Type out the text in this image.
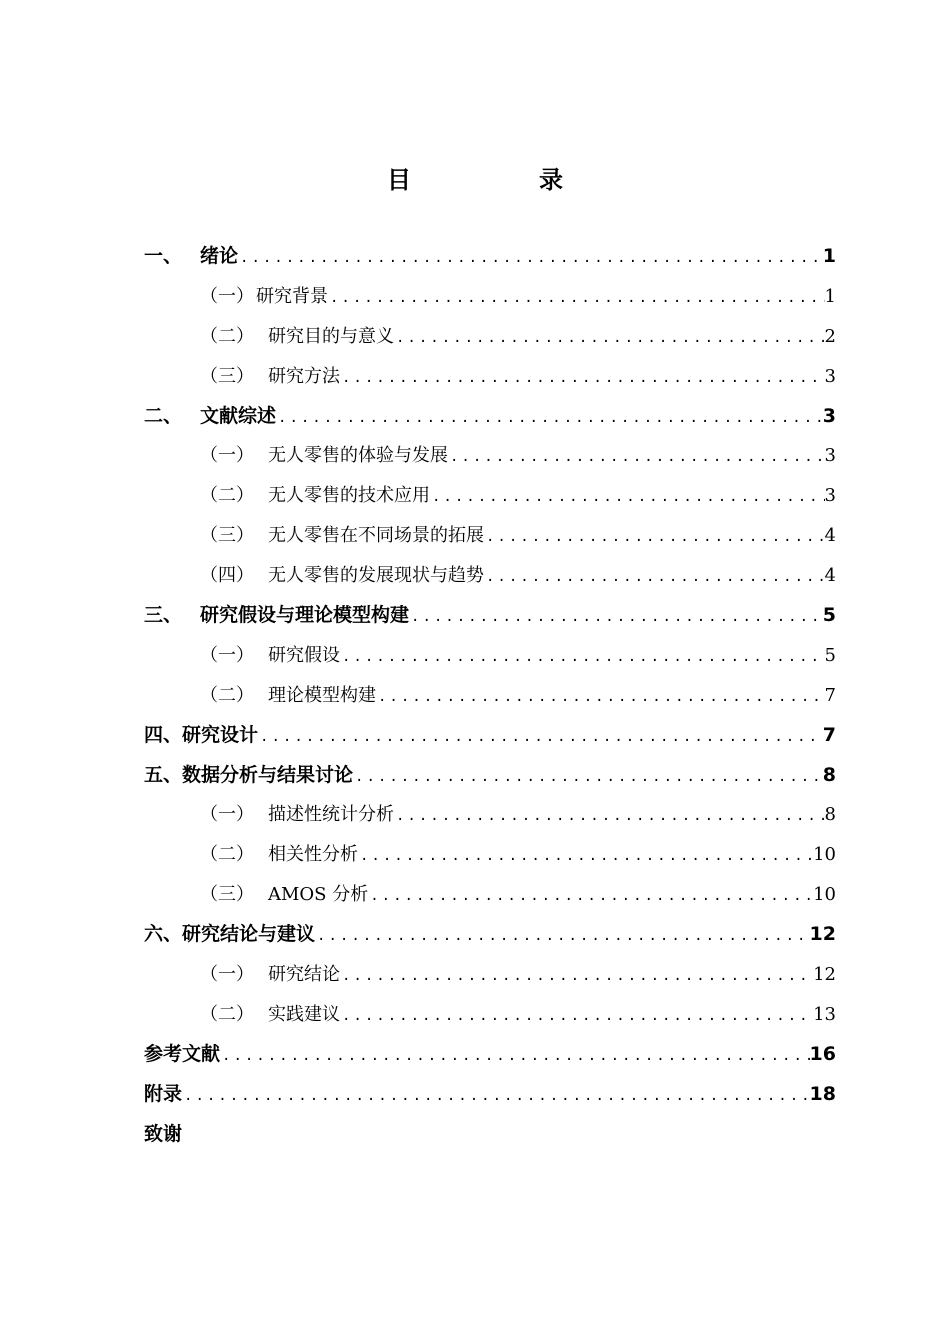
目　录
一、 绪论 .....	1
（一） 研究背景 .....	1
（二） 研究目的与意义 .....	2
（三） 研究方法 .....	3
二、 文献综述 .....	3
（一） 无人零售的体验与发展 .....	3
（二） 无人零售的技术应用 .....	3
（三） 无人零售在不同场景的拓展 .....	4
（四） 无人零售的发展现状与趋势 .....	4
三、 研究假设与理论模型构建 .....	5
（一） 研究假设 .....	5
（二） 理论模型构建 .....	7
四、 研究设计 .....	7
五、 数据分析与结果讨论 .....	8
（一） 描述性统计分析 .....	8
（二） 相关性分析 .....	10
（三） AMOS 分析 .....	10
六、 研究结论与建议 .....	12
（一） 研究结论 .....	12
（二） 实践建议 .....	13
参考文献 .....	16
附录 .....	18
致谢
